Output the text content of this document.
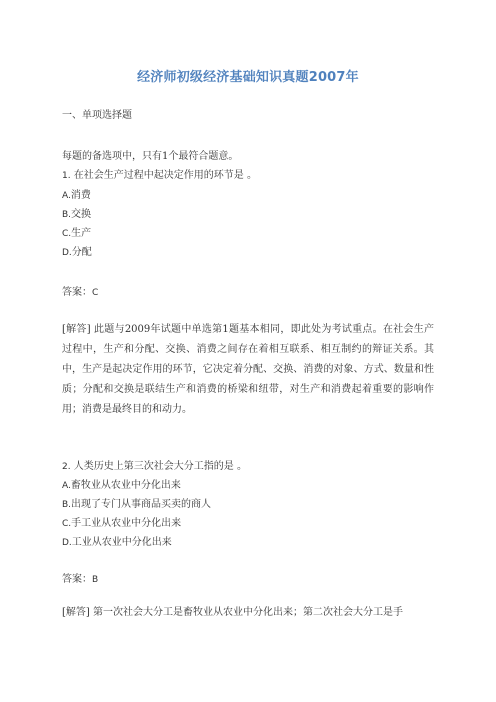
经济师初级经济基础知识真题2007年
一、单项选择题
每题的备选项中，只有1个最符合题意。
1. 在社会生产过程中起决定作用的环节是 。
A.消费
B.交换
C.生产
D.分配
答案：C
[解答] 此题与2009年试题中单选第1题基本相同，即此处为考试重点。在社会生产过程中，生产和分配、交换、消费之间存在着相互联系、相互制约的辩证关系。其中，生产是起决定作用的环节，它决定着分配、交换、消费的对象、方式、数量和性质；分配和交换是联结生产和消费的桥梁和纽带，对生产和消费起着重要的影响作用；消费是最终目的和动力。
2. 人类历史上第三次社会大分工指的是 。
A.畜牧业从农业中分化出来
B.出现了专门从事商品买卖的商人
C.手工业从农业中分化出来
D.工业从农业中分化出来
答案：B
[解答] 第一次社会大分工是畜牧业从农业中分化出来；第二次社会大分工是手
